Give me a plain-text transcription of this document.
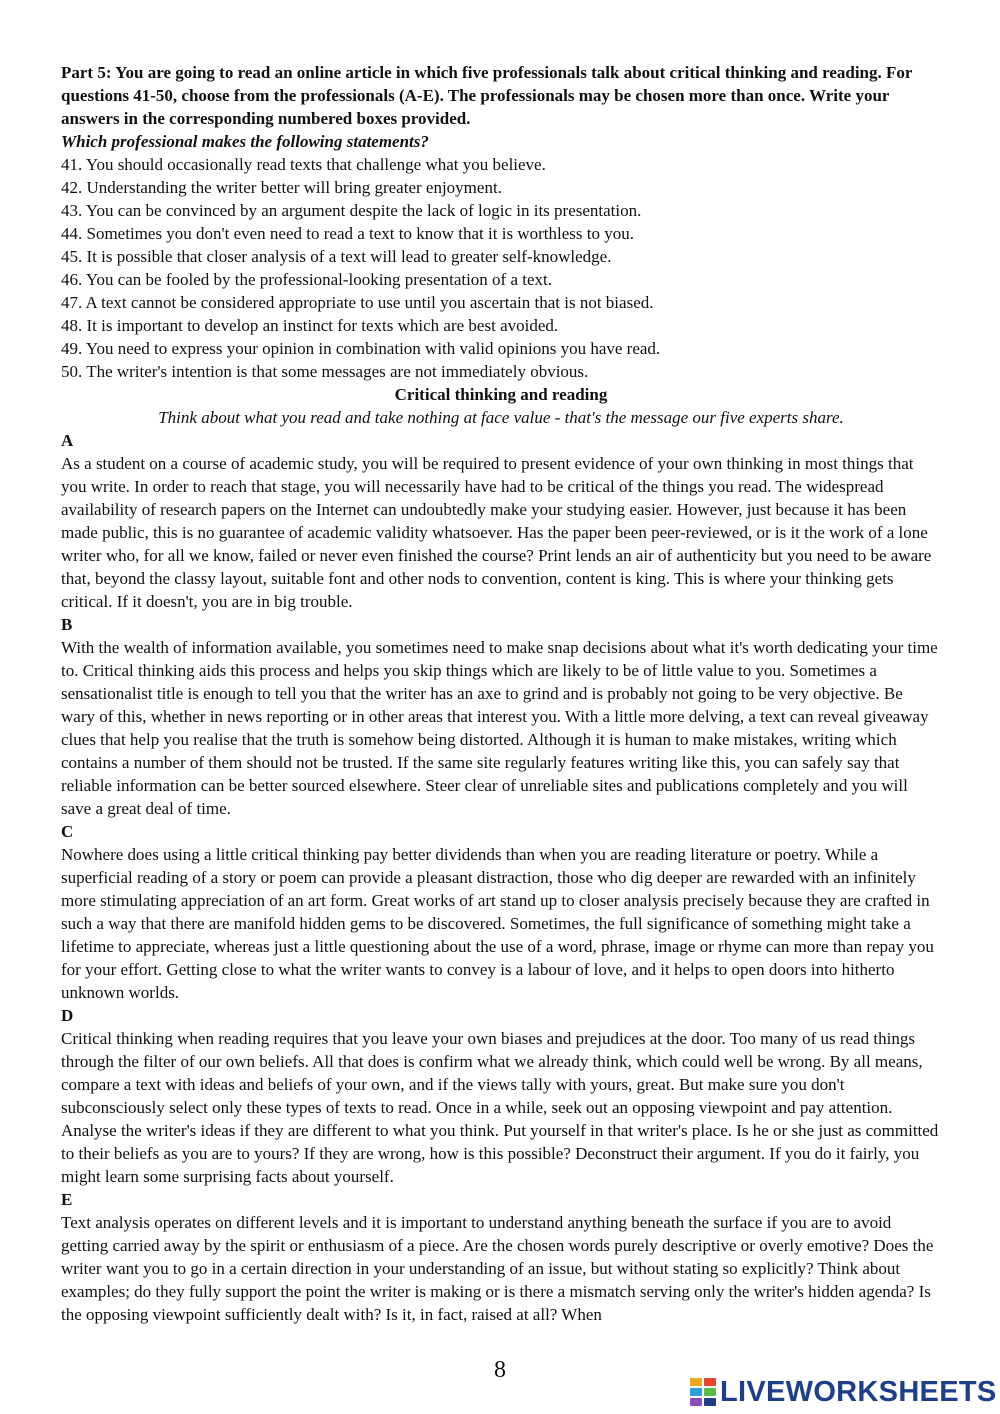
Part 5: You are going to read an online article in which five professionals talk about critical thinking and reading. For questions 41-50, choose from the professionals (A-E). The professionals may be chosen more than once. Write your answers in the corresponding numbered boxes provided.
Which professional makes the following statements?

41. You should occasionally read texts that challenge what you believe.

42. Understanding the writer better will bring greater enjoyment.

43. You can be convinced by an argument despite the lack of logic in its presentation.

44. Sometimes you don't even need to read a text to know that it is worthless to you.

45. It is possible that closer analysis of a text will lead to greater self-knowledge.

46. You can be fooled by the professional-looking presentation of a text.

47. A text cannot be considered appropriate to use until you ascertain that is not biased.

48. It is important to develop an instinct for texts which are best avoided.

49. You need to express your opinion in combination with valid opinions you have read.

50. The writer's intention is that some messages are not immediately obvious.

Critical thinking and reading
Think about what you read and take nothing at face value - that's the message our five experts share.
A

As a student on a course of academic study, you will be required to present evidence of your own thinking in most things that you write. In order to reach that stage, you will necessarily have had to be critical of the things you read. The widespread availability of research papers on the Internet can undoubtedly make your studying easier. However, just because it has been made public, this is no guarantee of academic validity whatsoever. Has the paper been peer-reviewed, or is it the work of a lone writer who, for all we know, failed or never even finished the course? Print lends an air of authenticity but you need to be aware that, beyond the classy layout, suitable font and other nods to convention, content is king. This is where your thinking gets critical. If it doesn't, you are in big trouble.

B

With the wealth of information available, you sometimes need to make snap decisions about what it's worth dedicating your time to. Critical thinking aids this process and helps you skip things which are likely to be of little value to you. Sometimes a sensationalist title is enough to tell you that the writer has an axe to grind and is probably not going to be very objective. Be wary of this, whether in news reporting or in other areas that interest you. With a little more delving, a text can reveal giveaway clues that help you realise that the truth is somehow being distorted. Although it is human to make mistakes, writing which contains a number of them should not be trusted. If the same site regularly features writing like this, you can safely say that reliable information can be better sourced elsewhere. Steer clear of unreliable sites and publications completely and you will save a great deal of time.

C

Nowhere does using a little critical thinking pay better dividends than when you are reading literature or poetry. While a superficial reading of a story or poem can provide a pleasant distraction, those who dig deeper are rewarded with an infinitely more stimulating appreciation of an art form. Great works of art stand up to closer analysis precisely because they are crafted in such a way that there are manifold hidden gems to be discovered. Sometimes, the full significance of something might take a lifetime to appreciate, whereas just a little questioning about the use of a word, phrase, image or rhyme can more than repay you for your effort. Getting close to what the writer wants to convey is a labour of love, and it helps to open doors into hitherto unknown worlds.

D

Critical thinking when reading requires that you leave your own biases and prejudices at the door. Too many of us read things through the filter of our own beliefs. All that does is confirm what we already think, which could well be wrong. By all means, compare a text with ideas and beliefs of your own, and if the views tally with yours, great. But make sure you don't subconsciously select only these types of texts to read. Once in a while, seek out an opposing viewpoint and pay attention. Analyse the writer's ideas if they are different to what you think. Put yourself in that writer's place. Is he or she just as committed to their beliefs as you are to yours? If they are wrong, how is this possible? Deconstruct their argument. If you do it fairly, you might learn some surprising facts about yourself.

E

Text analysis operates on different levels and it is important to understand anything beneath the surface if you are to avoid getting carried away by the spirit or enthusiasm of a piece. Are the chosen words purely descriptive or overly emotive? Does the writer want you to go in a certain direction in your understanding of an issue, but without stating so explicitly? Think about examples; do they fully support the point the writer is making or is there a mismatch serving only the writer's hidden agenda? Is the opposing viewpoint sufficiently dealt with? Is it, in fact, raised at all? When

8
LIVEWORKSHEETS
